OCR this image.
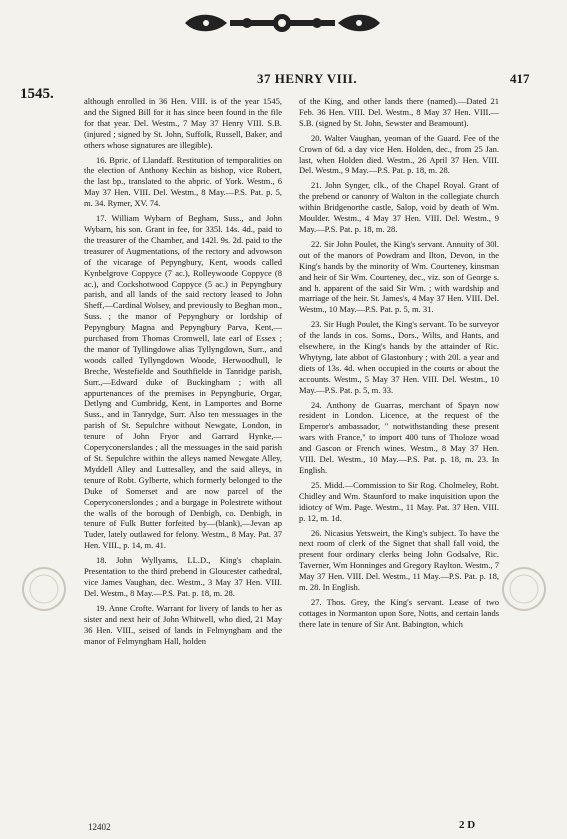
1545.
37 HENRY VIII.	417

although enrolled in 36 Hen. VIII. is of the year 1545, and the Signed Bill for it has since been found in the file for that year. Del. Westm., 7 May 37 Henry VIII. S.B. (injured ; signed by St. John, Suffolk, Russell, Baker, and others whose signatures are illegible).

16. Bpric. of Llandaff. Restitution of temporalities on the election of Anthony Kechin as bishop, vice Robert, the last bp., translated to the abpric. of York. Westm., 6 May 37 Hen. VIII. Del. Westm., 8 May.—P.S. Pat. p. 5, m. 34. Rymer, XV. 74.

17. William Wybarn of Begham, Suss., and John Wybarn, his son. Grant in fee, for 335l. 14s. 4d., paid to the treasurer of the Chamber, and 142l. 9s. 2d. paid to the treasurer of Augmentations, of the rectory and advowson of the vicarage of Pepyngbury, Kent, woods called Kynbelgrove Coppyce (7 ac.), Rolleywoode Coppyce (8 ac.), and Cockshotwood Coppyce (5 ac.) in Pepyngbury parish, and all lands of the said rectory leased to John Sheff,—Cardinal Wolsey, and previously to Beghan mon., Suss. ; the manor of Pepyngbury or lordship of Pepyngbury Magna and Pepyngbury Parva, Kent,—purchased from Thomas Cromwell, late earl of Essex ; the manor of Tyllingdowe alias Tyllyngdown, Surr., and woods called Tyllyngdown Woode, Herwoodhull, le Breche, Westefielde and Southfielde in Tanridge parish, Surr.,—Edward duke of Buckingham ; with all appurtenances of the premises in Pepyngburie, Orgar, Detlyng and Cumbridg, Kent, in Lamportes and Borne Suss., and in Tanrydge, Surr. Also ten messuages in the parish of St. Sepulchre without Newgate, London, in tenure of John Fryor and Garrard Hynke,—Coperyconerslandes ; all the messuages in the said parish of St. Sepulchre within the alleys named Newgate Alley, Myddell Alley and Luttesalley, and the said alleys, in tenure of Robt. Gylberte, which formerly belonged to the Duke of Somerset and are now parcel of the Coperyconerslondes ; and a burgage in Polestrete without the walls of the borough of Denbigh, co. Denbigh, in tenure of Fulk Butter forfeited by—(blank),—Jevan ap Tuder, lately outlawed for felony. Westm., 8 May. Pat. 37 Hen. VIII., p. 14, m. 41.

18. John Wyllyams, LL.D., King's chaplain. Presentation to the third prebend in Gloucester cathedral, vice James Vaughan, dec. Westm., 3 May 37 Hen. VIII. Del. Westm., 8 May.—P.S. Pat. p. 18, m. 28.

19. Anne Crofte. Warrant for livery of lands to her as sister and next heir of John Whitwell, who died, 21 May 36 Hen. VIII., seised of lands in Felmyngham and the manor of Felmyngham Hall, holden

of the King, and other lands there (named).—Dated 21 Feb. 36 Hen. VIII. Del. Westm., 8 May 37 Hen. VIII.—S.B. (signed by St. John, Sewster and Beamount).

20. Walter Vaughan, yeoman of the Guard. Fee of the Crown of 6d. a day vice Hen. Holden, dec., from 25 Jan. last, when Holden died. Westm., 26 April 37 Hen. VIII. Del. Westm., 9 May.—P.S. Pat. p. 18, m. 28.

21. John Synger, clk., of the Chapel Royal. Grant of the prebend or canonry of Walton in the collegiate church within Bridgenorthe castle, Salop, void by death of Wm. Moulder. Westm., 4 May 37 Hen. VIII. Del. Westm., 9 May.—P.S. Pat. p. 18, m. 28.

22. Sir John Poulet, the King's servant. Annuity of 30l. out of the manors of Powdram and Ilton, Devon, in the King's hands by the minority of Wm. Courteney, kinsman and heir of Sir Wm. Courteney, dec., viz. son of George s. and h. apparent of the said Sir Wm. ; with wardship and marriage of the heir. St. James's, 4 May 37 Hen. VIII. Del. Westm., 10 May.—P.S. Pat. p. 5, m. 31.

23. Sir Hugh Poulet, the King's servant. To be surveyor of the lands in cos. Soms., Dors., Wilts, and Hants, and elsewhere, in the King's hands by the attainder of Ric. Whytyng, late abbot of Glastonbury ; with 20l. a year and diets of 13s. 4d. when occupied in the courts or about the accounts. Westm., 5 May 37 Hen. VIII. Del. Westm., 10 May.—P.S. Pat. p. 5, m. 33.

24. Anthony de Guarras, merchant of Spayn now resident in London. Licence, at the request of the Emperor's ambassador, " notwithstanding these present wars with France," to import 400 tuns of Tholoze woad and Gascon or French wines. Westm., 8 May 37 Hen. VIII. Del. Westm., 10 May.—P.S. Pat. p. 18, m. 23. In English.

25. Midd.—Commission to Sir Rog. Cholmeley, Robt. Chidley and Wm. Staunford to make inquisition upon the idiotcy of Wm. Page. Westm., 11 May. Pat. 37 Hen. VIII. p. 12, m. 1d.

26. Nicasius Yetsweirt, the King's subject. To have the next room of clerk of the Signet that shall fall void, the present four ordinary clerks being John Godsalve, Ric. Taverner, Wm Honninges and Gregory Raylton. Westm., 7 May 37 Hen. VIII. Del. Westm., 11 May.—P.S. Pat. p. 18, m. 28. In English.

27. Thos. Grey, the King's servant. Lease of two cottages in Normanton upon Sore, Notts, and certain lands there late in tenure of Sir Ant. Babington, which

12402	2 D
